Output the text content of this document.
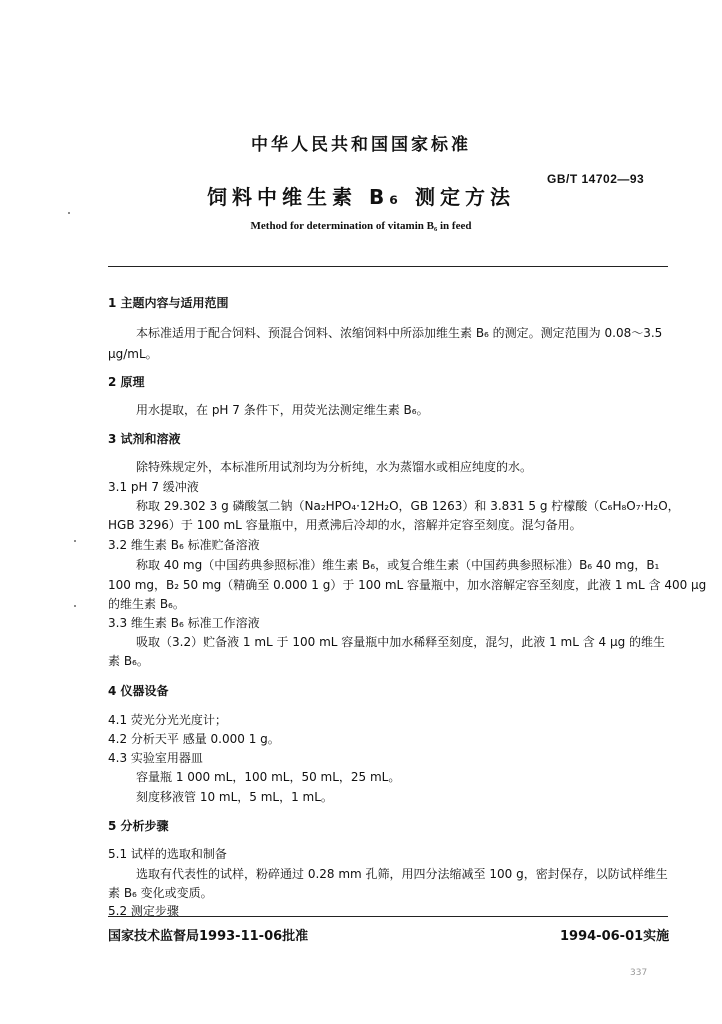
中华人民共和国国家标准
GB/T 14702—93
饲料中维生素 B₆ 测定方法
Method for determination of vitamin B₆ in feed
1 主题内容与适用范围
本标准适用于配合饲料、预混合饲料、浓缩饲料中所添加维生素 B₆ 的测定。测定范围为 0.08～3.5
μg/mL。
2 原理
用水提取，在 pH 7 条件下，用荧光法测定维生素 B₆。
3 试剂和溶液
除特殊规定外，本标准所用试剂均为分析纯，水为蒸馏水或相应纯度的水。
3.1 pH 7 缓冲液
称取 29.302 3 g 磷酸氢二钠（Na₂HPO₄·12H₂O，GB 1263）和 3.831 5 g 柠檬酸（C₆H₈O₇·H₂O，
HGB 3296）于 100 mL 容量瓶中，用煮沸后冷却的水，溶解并定容至刻度。混匀备用。
3.2 维生素 B₆ 标准贮备溶液
称取 40 mg（中国药典参照标准）维生素 B₆，或复合维生素（中国药典参照标准）B₆ 40 mg，B₁
100 mg，B₂ 50 mg（精确至 0.000 1 g）于 100 mL 容量瓶中，加水溶解定容至刻度，此液 1 mL 含 400 μg
的维生素 B₆。
3.3 维生素 B₆ 标准工作溶液
吸取（3.2）贮备液 1 mL 于 100 mL 容量瓶中加水稀释至刻度，混匀，此液 1 mL 含 4 μg 的维生
素 B₆。
4 仪器设备
4.1 荧光分光光度计；
4.2 分析天平 感量 0.000 1 g。
4.3 实验室用器皿
容量瓶 1 000 mL，100 mL，50 mL，25 mL。
刻度移液管 10 mL，5 mL，1 mL。
5 分析步骤
5.1 试样的选取和制备
选取有代表性的试样，粉碎通过 0.28 mm 孔筛，用四分法缩减至 100 g，密封保存，以防试样维生
素 B₆ 变化或变质。
5.2 测定步骤
国家技术监督局1993-11-06批准	1994-06-01实施
337
